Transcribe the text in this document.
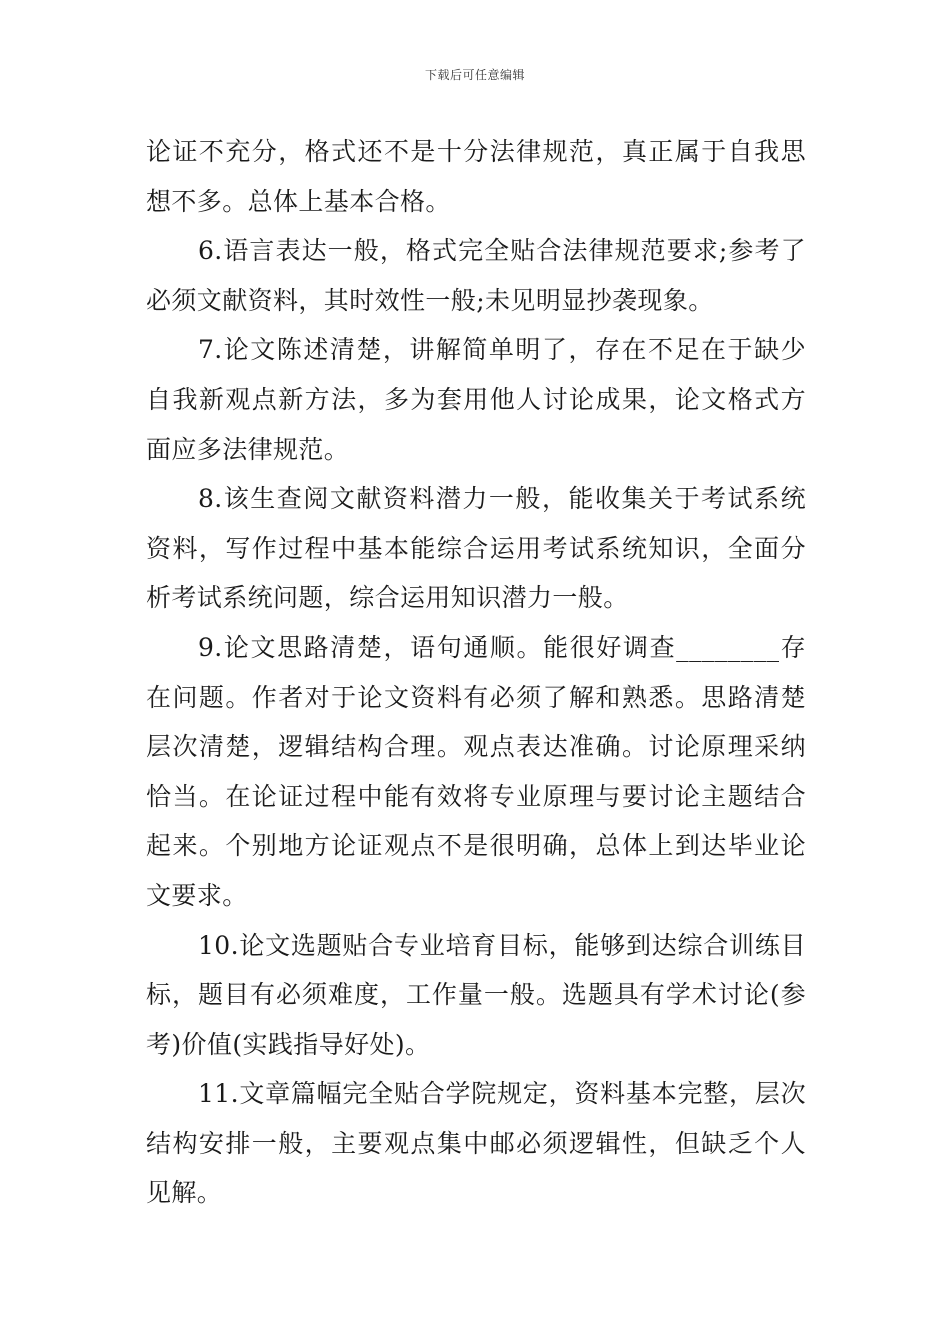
下载后可任意编辑

论证不充分，格式还不是十分法律规范，真正属于自我思想不多。总体上基本合格。

6.语言表达一般，格式完全贴合法律规范要求;参考了必须文献资料，其时效性一般;未见明显抄袭现象。

7.论文陈述清楚，讲解简单明了，存在不足在于缺少自我新观点新方法，多为套用他人讨论成果，论文格式方面应多法律规范。

8.该生查阅文献资料潜力一般，能收集关于考试系统资料，写作过程中基本能综合运用考试系统知识，全面分析考试系统问题，综合运用知识潜力一般。

9.论文思路清楚，语句通顺。能很好调查________存在问题。作者对于论文资料有必须了解和熟悉。思路清楚层次清楚，逻辑结构合理。观点表达准确。讨论原理采纳恰当。在论证过程中能有效将专业原理与要讨论主题结合起来。个别地方论证观点不是很明确，总体上到达毕业论文要求。

10.论文选题贴合专业培育目标，能够到达综合训练目标，题目有必须难度，工作量一般。选题具有学术讨论(参考)价值(实践指导好处)。

11.文章篇幅完全贴合学院规定，资料基本完整，层次结构安排一般，主要观点集中邮必须逻辑性，但缺乏个人见解。
